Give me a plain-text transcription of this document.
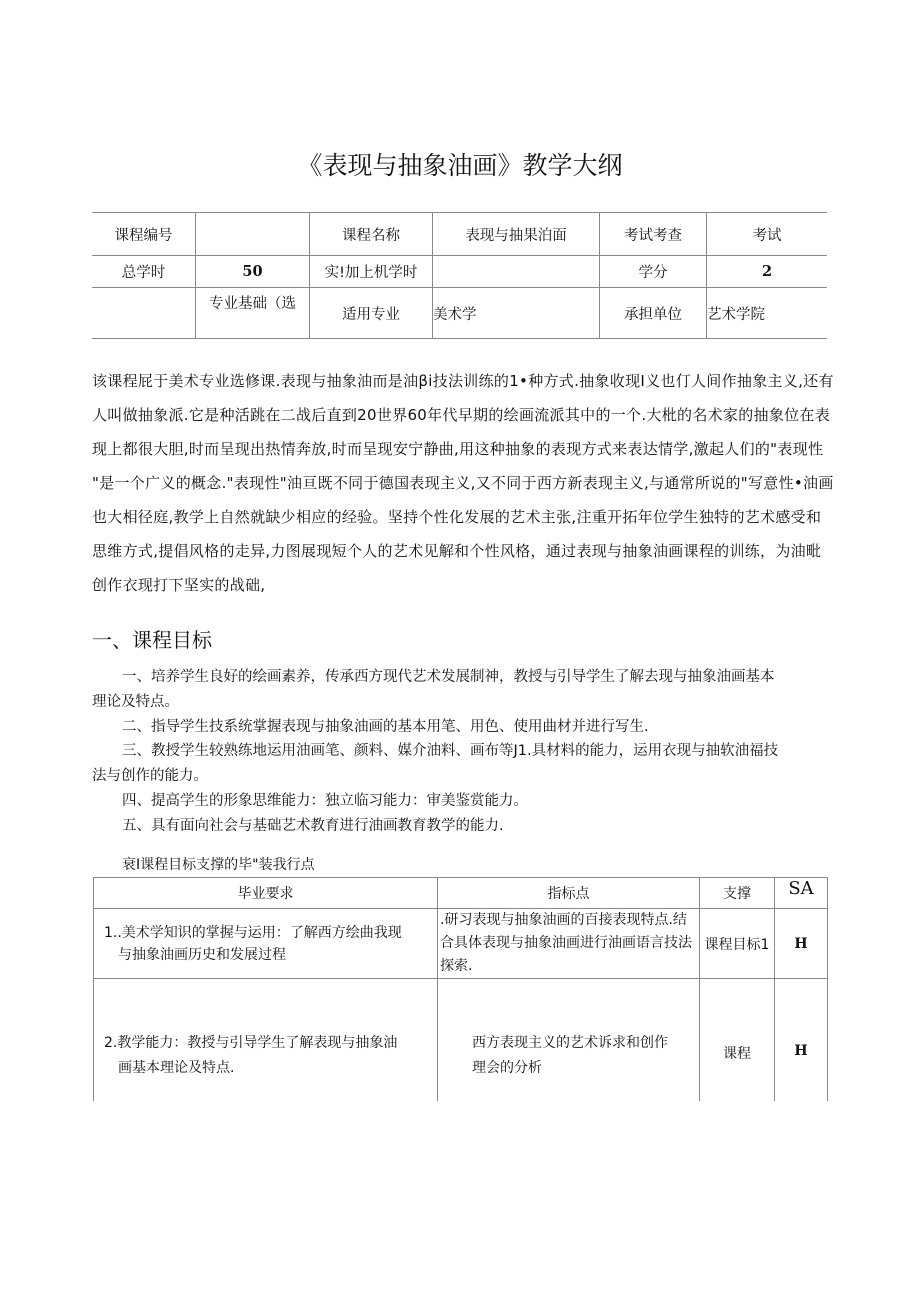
《表现与抽象油画》教学大纲
课程编号		课程名称	表现与抽果泊面	考试考查	考试
总学时	50	实!加上机学时		学分	2
	专业基础（选	适用专业	美术学	承担单位	艺术学院
该课程屁于美术专业选修课.表现与抽象油而是油βi技法训练的1•种方式.抽象收现I义也仃人间作抽象主义,还有
人叫做抽象派.它是种活跳在二战后直到20世界60年代早期的绘画流派其中的一个.大枇的名术家的抽象位在表
现上都很大胆,时而呈现出热情奔放,时而呈现安宁静曲,用这种抽象的表现方式来表达情学,激起人们的"表现性
"是一个广义的概念."表现性"油亘既不同于德国表现主义,又不同于西方新表现主义,与通常所说的"写意性•油画
也大相径庭,教学上自然就缺少相应的经验。坚持个性化发展的艺术主张,注重开拓年位学生独特的艺术感受和
思维方式,提倡风格的走异,力图展现短个人的艺术见解和个性风格，通过表现与抽象油画课程的训练，为油毗
创作衣现打下坚实的战础,
一、课程目标
一、培养学生良好的绘画素养，传承西方现代艺术发展制神，教授与引导学生了解去现与抽象油画基本
理论及特点。
二、指导学生技系统掌握表现与抽象油画的基本用笔、用色、使用曲材并进行写生.
三、教授学生较熟练地运用油画笔、颜料、媒介油料、画布等J1.具材料的能力，运用衣现与抽软油福技
法与创作的能力。
四、提高学生的形象思维能力：独立临习能力：审美鉴赏能力。
五、具有面向社会与基础艺术教育进行油画教育教学的能力.
衰I课程目标支撑的毕"装我行点
毕业要求	指标点	支撑	SA

1..美术学知识的掌握与运用：了解西方绘曲我现
与抽象油画历史和发展过程	.研习表现与抽象油画的百接表现特点.结合具体表现与抽象油画进行油画语言技法探索.	课程目标1	H

2.教学能力：教授与引导学生了解表现与抽象油
画基本理论及特点.	西方表现主义的艺术诉求和创作理会的分析	课程	H
